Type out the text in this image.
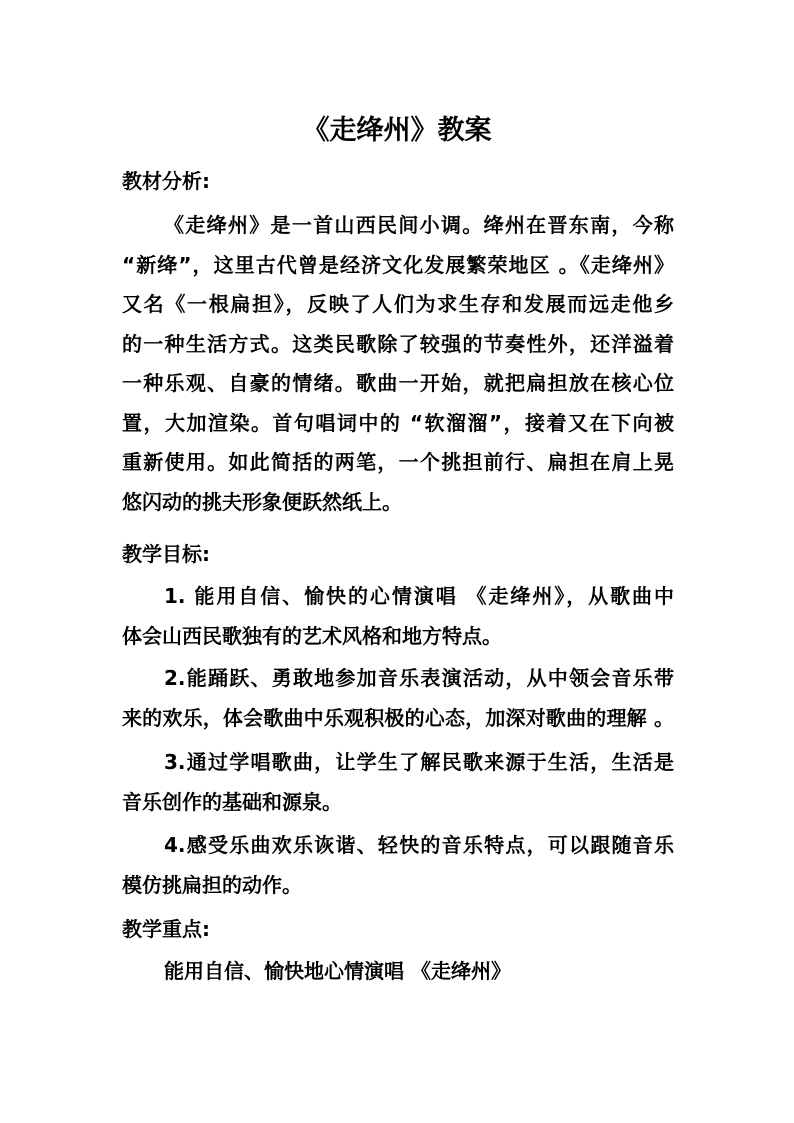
《走绛州》教案
教材分析:
《走绛州》是一首山西民间小调。绛州在晋东南，今称
“新绛”，这里古代曾是经济文化发展繁荣地区 。《走绛州》
又名《一根扁担》，反映了人们为求生存和发展而远走他乡
的一种生活方式。这类民歌除了较强的节奏性外，还洋溢着
一种乐观、自豪的情绪。歌曲一开始，就把扁担放在核心位
置，大加渲染。首句唱词中的 “软溜溜”，接着又在下向被
重新使用。如此简括的两笔，一个挑担前行、扁担在肩上晃
悠闪动的挑夫形象便跃然纸上。
教学目标:
1. 能用自信、愉快的心情演唱 《走绛州》，从歌曲中
体会山西民歌独有的艺术风格和地方特点。
2.能踊跃、勇敢地参加音乐表演活动，从中领会音乐带
来的欢乐，体会歌曲中乐观积极的心态，加深对歌曲的理解 。
3.通过学唱歌曲，让学生了解民歌来源于生活，生活是
音乐创作的基础和源泉。
4.感受乐曲欢乐诙谐、轻快的音乐特点，可以跟随音乐
模仿挑扁担的动作。
教学重点:
能用自信、愉快地心情演唱 《走绛州》
